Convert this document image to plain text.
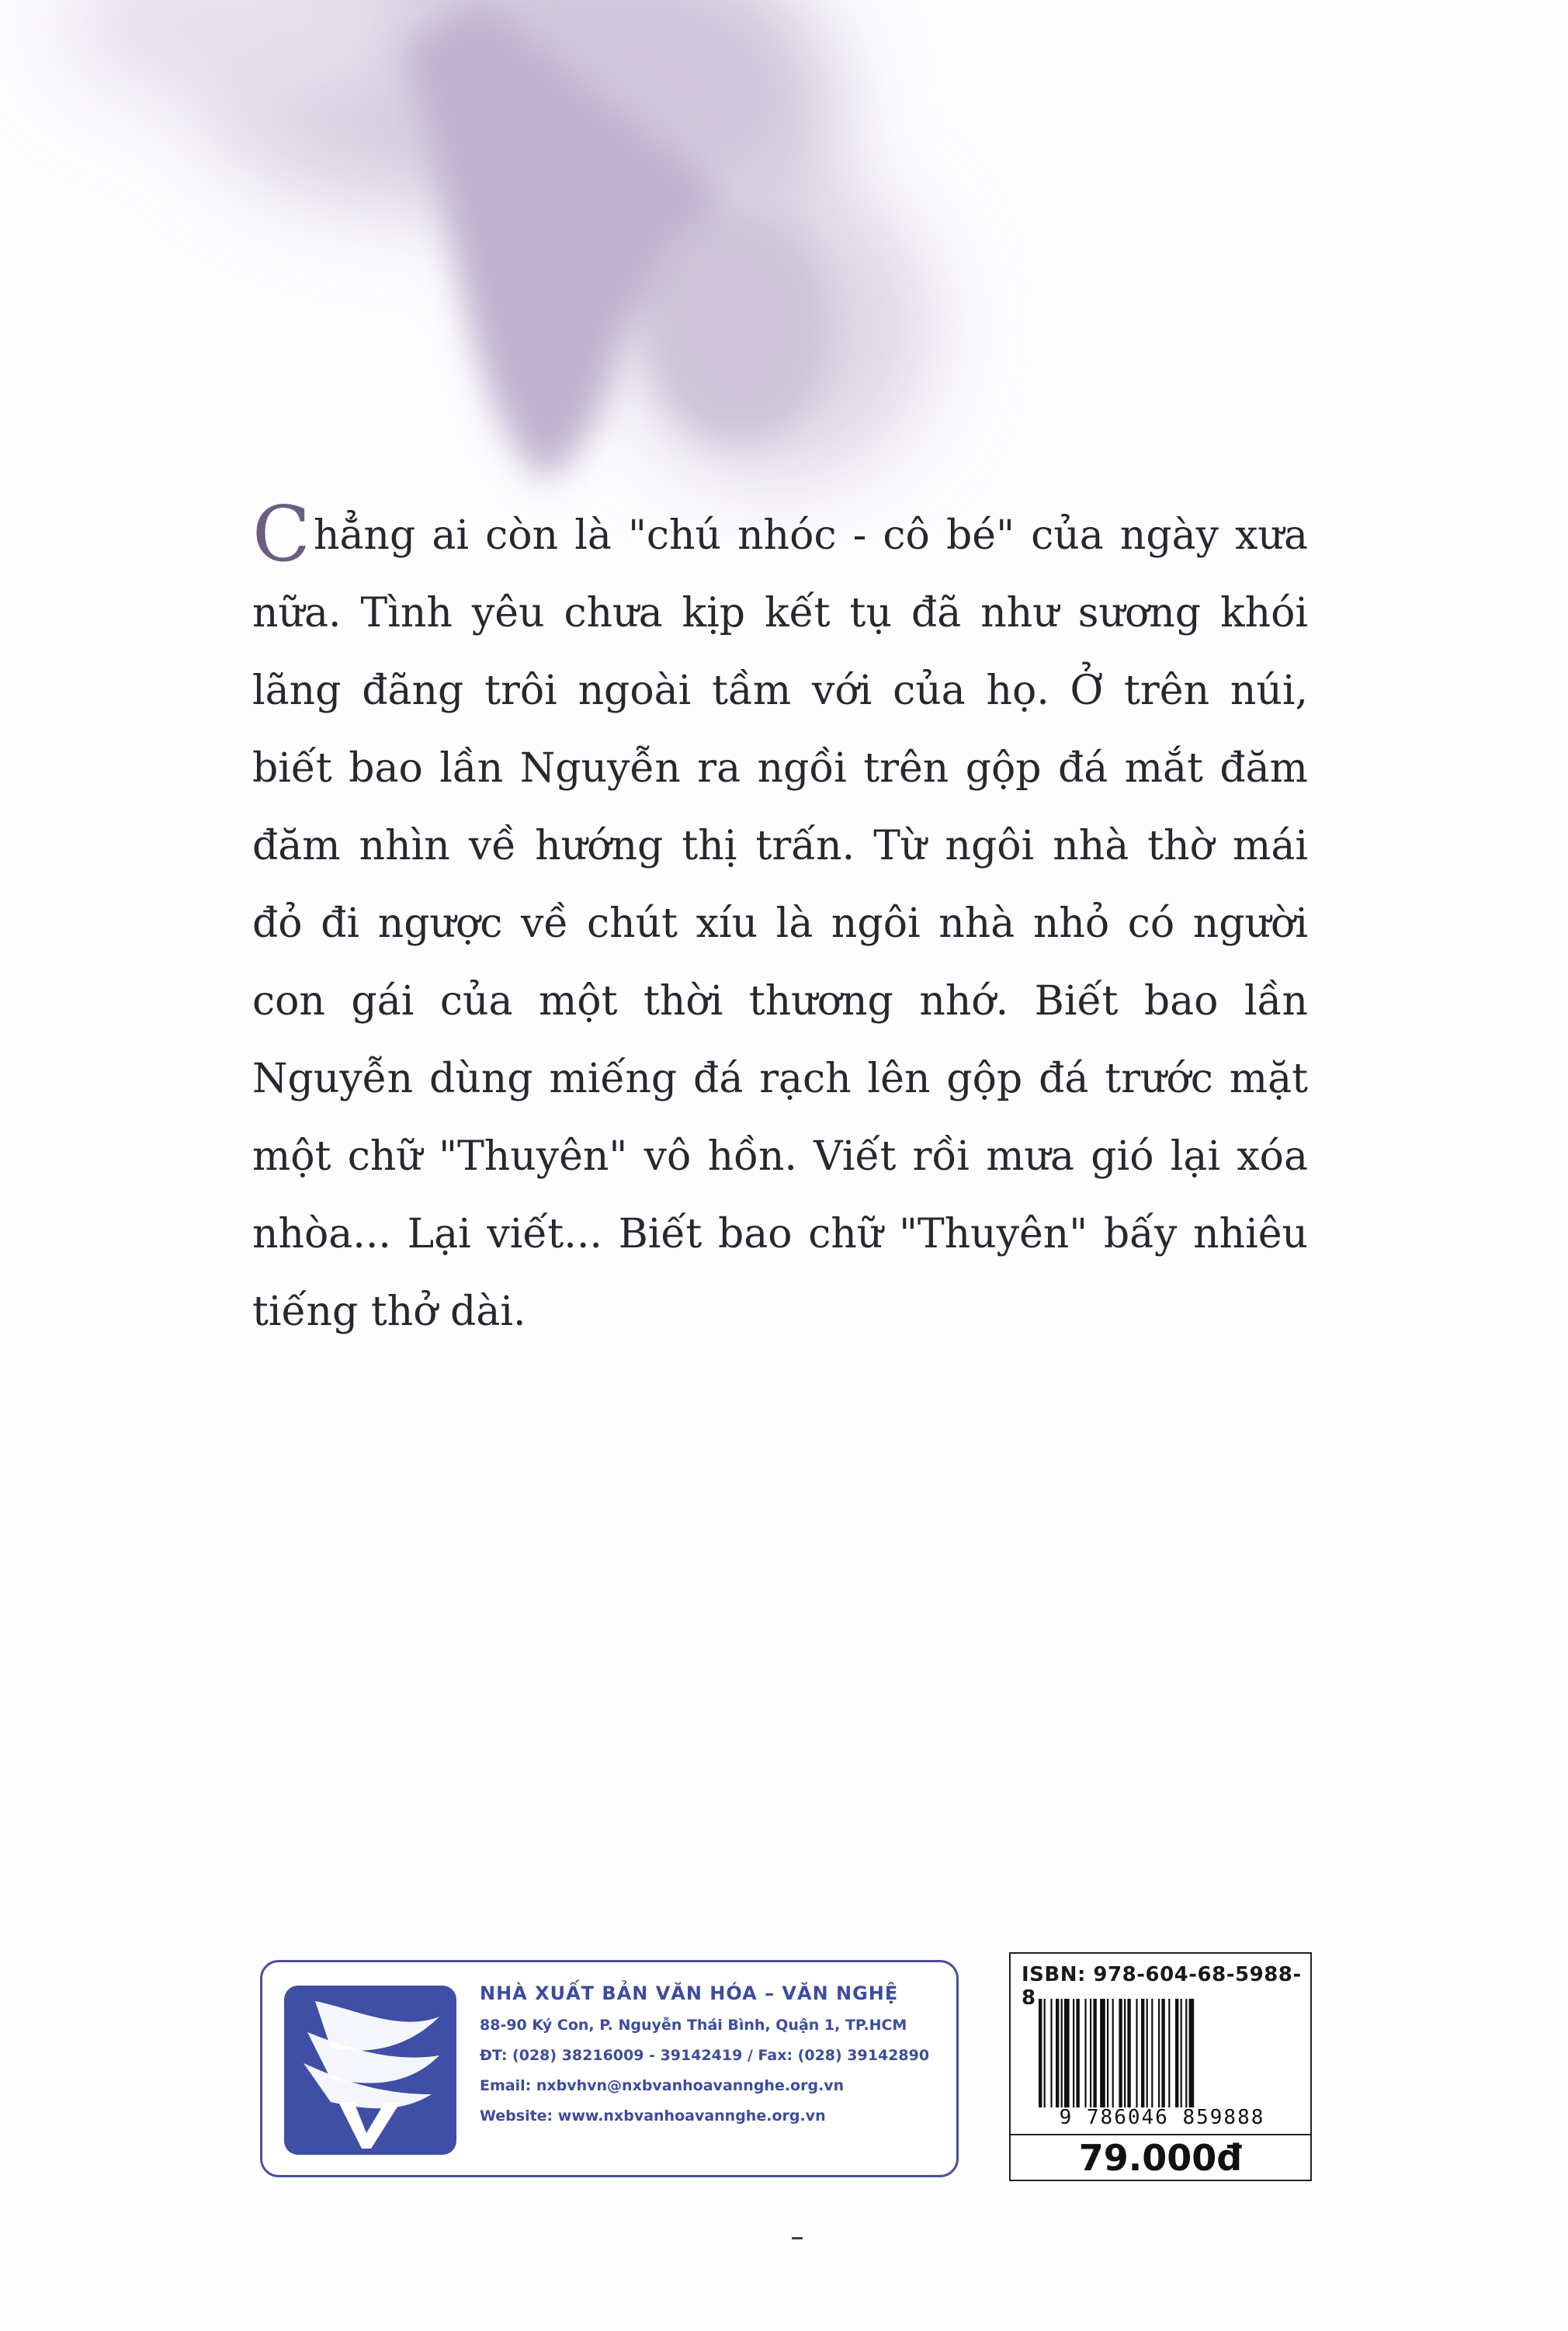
Chẳng ai còn là "chú nhóc - cô bé" của ngày xưa nữa. Tình yêu chưa kịp kết tụ đã như sương khói lãng đãng trôi ngoài tầm với của họ. Ở trên núi, biết bao lần Nguyễn ra ngồi trên gộp đá mắt đăm đăm nhìn về hướng thị trấn. Từ ngôi nhà thờ mái đỏ đi ngược về chút xíu là ngôi nhà nhỏ có người con gái của một thời thương nhớ. Biết bao lần Nguyễn dùng miếng đá rạch lên gộp đá trước mặt một chữ "Thuyên" vô hồn. Viết rồi mưa gió lại xóa nhòa... Lại viết... Biết bao chữ "Thuyên" bấy nhiêu tiếng thở dài.

NHÀ XUẤT BẢN VĂN HÓA – VĂN NGHỆ
88-90 Ký Con, P. Nguyễn Thái Bình, Quận 1, TP.HCM
ĐT: (028) 38216009 - 39142419 / Fax: (028) 39142890
Email: nxbvhvn@nxbvanhoavannghe.org.vn
Website: www.nxbvanhoavannghe.org.vn
ISBN: 978-604-68-5988-8
9 786046 859888
79.000đ
